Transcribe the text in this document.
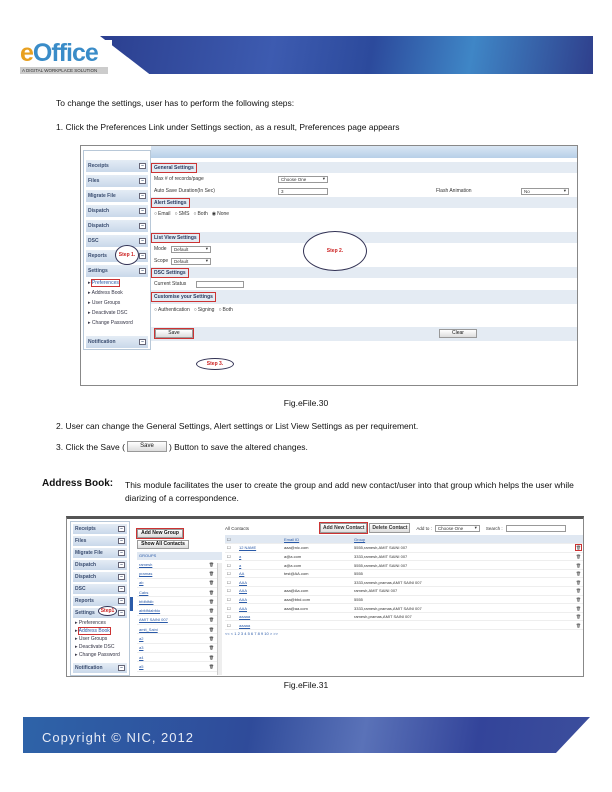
eOffice
A DIGITAL WORKPLACE SOLUTION
To change the settings, user has to perform the following steps:
1. Click the Preferences Link under Settings section, as a result, Preferences page appears
Receipts	–
Files	–
Migrate File	–
Dispatch	–
Dispatch	–
DSC	–
Reports	–
Settings	–
▸ Preferences
▸ Address Book
▸ User Groups
▸ Deactivate DSC
▸ Change Password
Notification	–
General Settings
Max # of records/page	Choose One	▾
Auto Save Duration(In Sec)	3	Flash Animation	No	▾
Alert Settings
○ Email ○ SMS ○ Both ◉ None
List View Settings
Mode	Default	▾
Scope	Default	▾
DSC Settings
Current Status
Customise your Settings
○ Authentication ○ Signing ○ Both
Save	Clear
Step 1.
Step 2.
Step 3.
Fig.eFile.30
2. User can change the General Settings, Alert settings or List View Settings as per requirement.
3. Click the Save (	Save	) Button to save the altered changes.
Address Book: This module facilitates the user to create the group and add new contact/user into that group which helps the user while diarizing of a correspondence.
Receipts	–
Files	–
Migrate File	–
Dispatch	–
Dispatch	–
DSC	–
Reports	–
Settings	–
▸ Preferences
▸ Address Book
▸ User Groups
▸ Deactivate DSC
▸ Change Password
Notification	–
Step1
Add New Group
Show All Contacts
GROUPS
ramesh	🗑
pramas	🗑
ab	🗑
Cabs	🗑
bfdfdfdb	🗑
abfdfdabfdo	🗑
AMIT SAINI 007	🗑
amit_Saini	🗑
a2	🗑
a3	🗑
a4	🗑
a5	🗑
All Contacts	Add New Contact	Delete Contact	Add to : Choose One	▾ Search :
☐		Email ID	Group	
☐	12 NAME	aaa@nic.com	5555,ramesh,AMIT SAINI 007	🗑
☐	a	a@a.com	3333,ramesh,AMIT SAINI 007	🗑
☐	a	a@a.com	5555,ramesh,AMIT SAINI 007	🗑
☐	AA	test@AA.com	5555	🗑
☐	AAA		3333,ramesh,pramas,AMIT SAINI 007	🗑
☐	AAA	aaa@Aa.com	ramesh,AMIT SAINI 007	🗑
☐	AAA	aaa@bbd.com	5555	🗑
☐	AAA	aaa@aa.com	3333,ramesh,pramas,AMIT SAINI 007	🗑
☐	aaaaa		ramesh,pramas,AMIT SAINI 007	🗑
☐	aaaaa			🗑
<< < 1 2 3 4 5 6 7 8 9 10 > >>
Fig.eFile.31
Copyright © NIC, 2012
